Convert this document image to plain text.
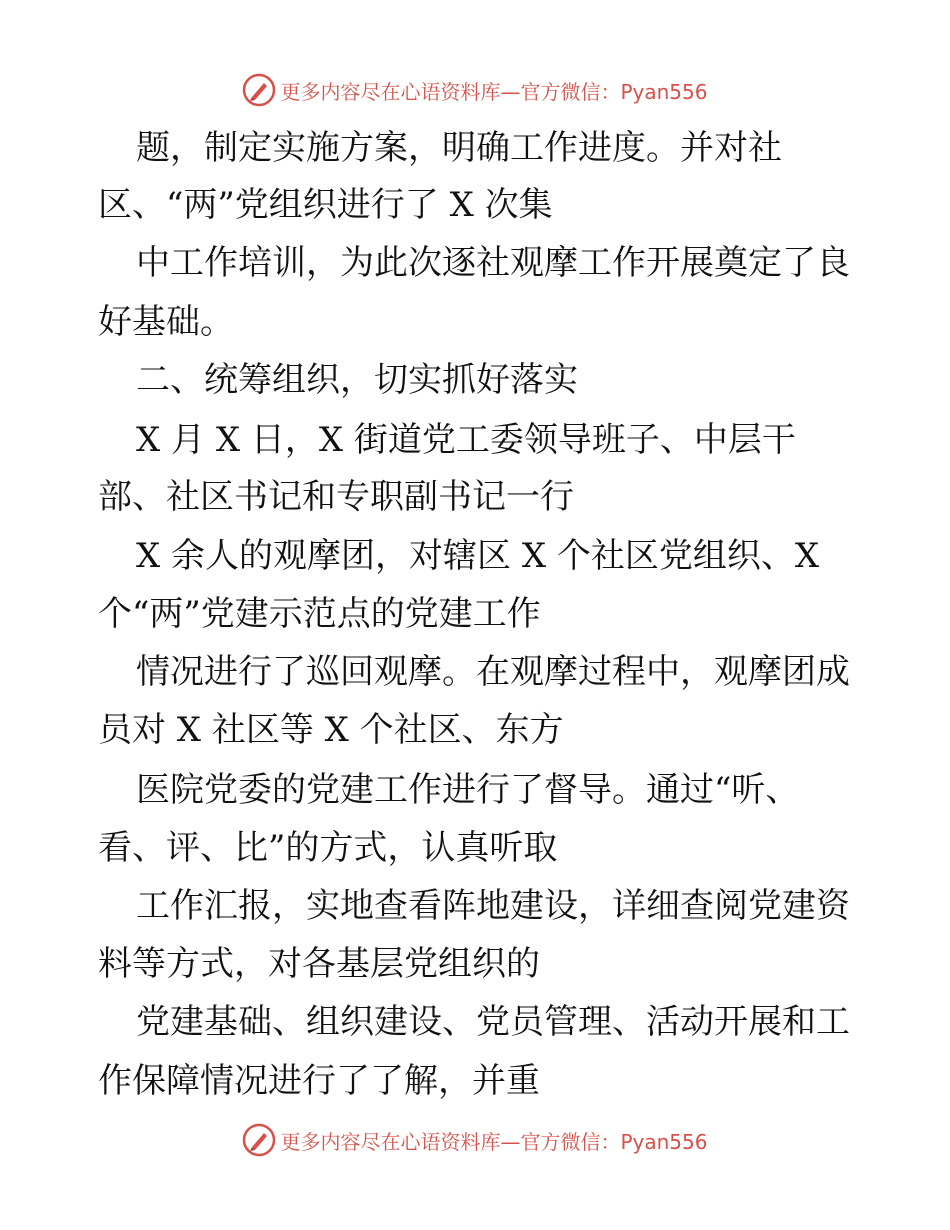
更多内容尽在心语资料库—官方微信：Pyan556
题，制定实施方案，明确工作进度。并对社
区、“两”党组织进行了 X 次集
中工作培训，为此次逐社观摩工作开展奠定了良
好基础。
二、统筹组织，切实抓好落实
X 月 X 日，X 街道党工委领导班子、中层干
部、社区书记和专职副书记一行
X 余人的观摩团，对辖区 X 个社区党组织、X
个“两”党建示范点的党建工作
情况进行了巡回观摩。在观摩过程中，观摩团成
员对 X 社区等 X 个社区、东方
医院党委的党建工作进行了督导。通过“听、
看、评、比”的方式，认真听取
工作汇报，实地查看阵地建设，详细查阅党建资
料等方式，对各基层党组织的
党建基础、组织建设、党员管理、活动开展和工
作保障情况进行了了解，并重
更多内容尽在心语资料库—官方微信：Pyan556
